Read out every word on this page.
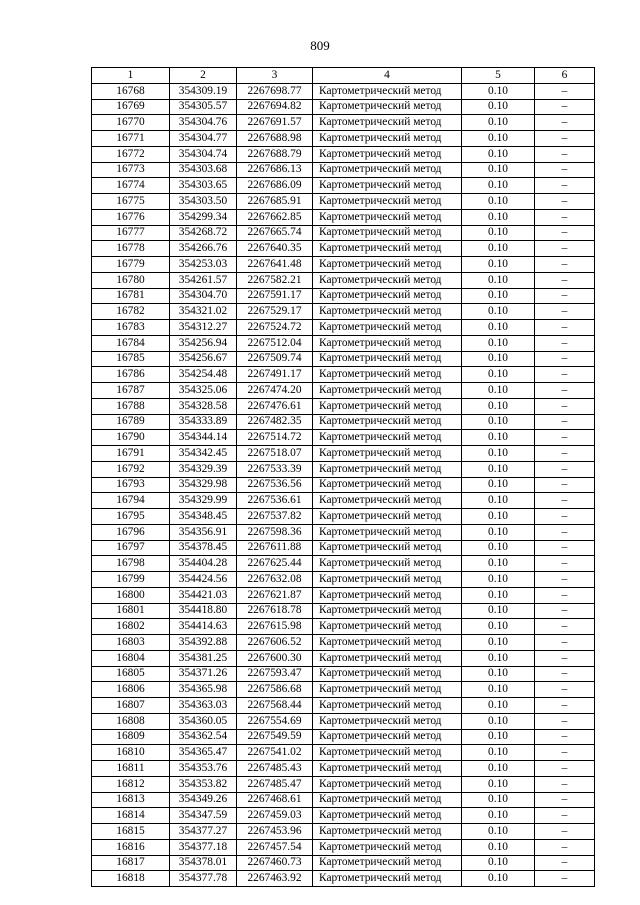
809
1	2	3	4	5	6
16768	354309.19	2267698.77	Картометрический метод	0.10	–
16769	354305.57	2267694.82	Картометрический метод	0.10	–
16770	354304.76	2267691.57	Картометрический метод	0.10	–
16771	354304.77	2267688.98	Картометрический метод	0.10	–
16772	354304.74	2267688.79	Картометрический метод	0.10	–
16773	354303.68	2267686.13	Картометрический метод	0.10	–
16774	354303.65	2267686.09	Картометрический метод	0.10	–
16775	354303.50	2267685.91	Картометрический метод	0.10	–
16776	354299.34	2267662.85	Картометрический метод	0.10	–
16777	354268.72	2267665.74	Картометрический метод	0.10	–
16778	354266.76	2267640.35	Картометрический метод	0.10	–
16779	354253.03	2267641.48	Картометрический метод	0.10	–
16780	354261.57	2267582.21	Картометрический метод	0.10	–
16781	354304.70	2267591.17	Картометрический метод	0.10	–
16782	354321.02	2267529.17	Картометрический метод	0.10	–
16783	354312.27	2267524.72	Картометрический метод	0.10	–
16784	354256.94	2267512.04	Картометрический метод	0.10	–
16785	354256.67	2267509.74	Картометрический метод	0.10	–
16786	354254.48	2267491.17	Картометрический метод	0.10	–
16787	354325.06	2267474.20	Картометрический метод	0.10	–
16788	354328.58	2267476.61	Картометрический метод	0.10	–
16789	354333.89	2267482.35	Картометрический метод	0.10	–
16790	354344.14	2267514.72	Картометрический метод	0.10	–
16791	354342.45	2267518.07	Картометрический метод	0.10	–
16792	354329.39	2267533.39	Картометрический метод	0.10	–
16793	354329.98	2267536.56	Картометрический метод	0.10	–
16794	354329.99	2267536.61	Картометрический метод	0.10	–
16795	354348.45	2267537.82	Картометрический метод	0.10	–
16796	354356.91	2267598.36	Картометрический метод	0.10	–
16797	354378.45	2267611.88	Картометрический метод	0.10	–
16798	354404.28	2267625.44	Картометрический метод	0.10	–
16799	354424.56	2267632.08	Картометрический метод	0.10	–
16800	354421.03	2267621.87	Картометрический метод	0.10	–
16801	354418.80	2267618.78	Картометрический метод	0.10	–
16802	354414.63	2267615.98	Картометрический метод	0.10	–
16803	354392.88	2267606.52	Картометрический метод	0.10	–
16804	354381.25	2267600.30	Картометрический метод	0.10	–
16805	354371.26	2267593.47	Картометрический метод	0.10	–
16806	354365.98	2267586.68	Картометрический метод	0.10	–
16807	354363.03	2267568.44	Картометрический метод	0.10	–
16808	354360.05	2267554.69	Картометрический метод	0.10	–
16809	354362.54	2267549.59	Картометрический метод	0.10	–
16810	354365.47	2267541.02	Картометрический метод	0.10	–
16811	354353.76	2267485.43	Картометрический метод	0.10	–
16812	354353.82	2267485.47	Картометрический метод	0.10	–
16813	354349.26	2267468.61	Картометрический метод	0.10	–
16814	354347.59	2267459.03	Картометрический метод	0.10	–
16815	354377.27	2267453.96	Картометрический метод	0.10	–
16816	354377.18	2267457.54	Картометрический метод	0.10	–
16817	354378.01	2267460.73	Картометрический метод	0.10	–
16818	354377.78	2267463.92	Картометрический метод	0.10	–
